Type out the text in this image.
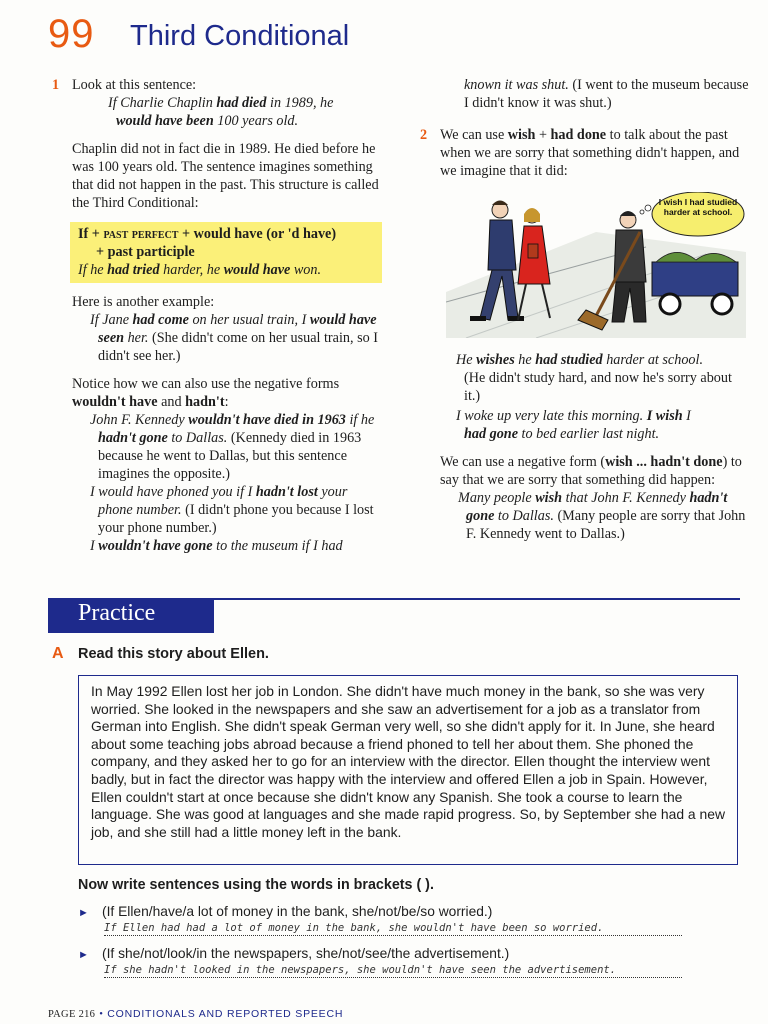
99 Third Conditional
1 Look at this sentence:
If Charlie Chaplin had died in 1989, he
would have been 100 years old.
Chaplin did not in fact die in 1989. He died before he was 100 years old. The sentence imagines something that did not happen in the past. This structure is called the Third Conditional:
If + past perfect + would have (or 'd have)
+ past participle
If he had tried harder, he would have won.
Here is another example:
If Jane had come on her usual train, I would have seen her. (She didn't come on her usual train, so I didn't see her.)
Notice how we can also use the negative forms wouldn't have and hadn't:
John F. Kennedy wouldn't have died in 1963 if he hadn't gone to Dallas. (Kennedy died in 1963 because he went to Dallas, but this sentence imagines the opposite.)
I would have phoned you if I hadn't lost your phone number. (I didn't phone you because I lost your phone number.)
I wouldn't have gone to the museum if I had
known it was shut. (I went to the museum because I didn't know it was shut.)
2 We can use wish + had done to talk about the past when we are sorry that something didn't happen, and we imagine that it did:
I wish I had studied harder at school.
He wishes he had studied harder at school.
(He didn't study hard, and now he's sorry about it.)
I woke up very late this morning. I wish I
had gone to bed earlier last night.
We can use a negative form (wish ... hadn't done) to say that we are sorry that something did happen:
Many people wish that John F. Kennedy hadn't gone to Dallas. (Many people are sorry that John F. Kennedy went to Dallas.)
Practice
A Read this story about Ellen.
In May 1992 Ellen lost her job in London. She didn't have much money in the bank, so she was very worried. She looked in the newspapers and she saw an advertisement for a job as a translator from German into English. She didn't speak German very well, so she didn't apply for it. In June, she heard about some teaching jobs abroad because a friend phoned to tell her about them. She phoned the company, and they asked her to go for an interview with the director. Ellen thought the interview went badly, but in fact the director was happy with the interview and offered Ellen a job in Spain. However, Ellen couldn't start at once because she didn't know any Spanish. She took a course to learn the language. She was good at languages and she made rapid progress. So, by September she had a new job, and she still had a little money left in the bank.
Now write sentences using the words in brackets ( ).
► (If Ellen/have/a lot of money in the bank, she/not/be/so worried.)
If Ellen had had a lot of money in the bank, she wouldn't have been so worried.
► (If she/not/look/in the newspapers, she/not/see/the advertisement.)
If she hadn't looked in the newspapers, she wouldn't have seen the advertisement.
PAGE 216 • CONDITIONALS AND REPORTED SPEECH
